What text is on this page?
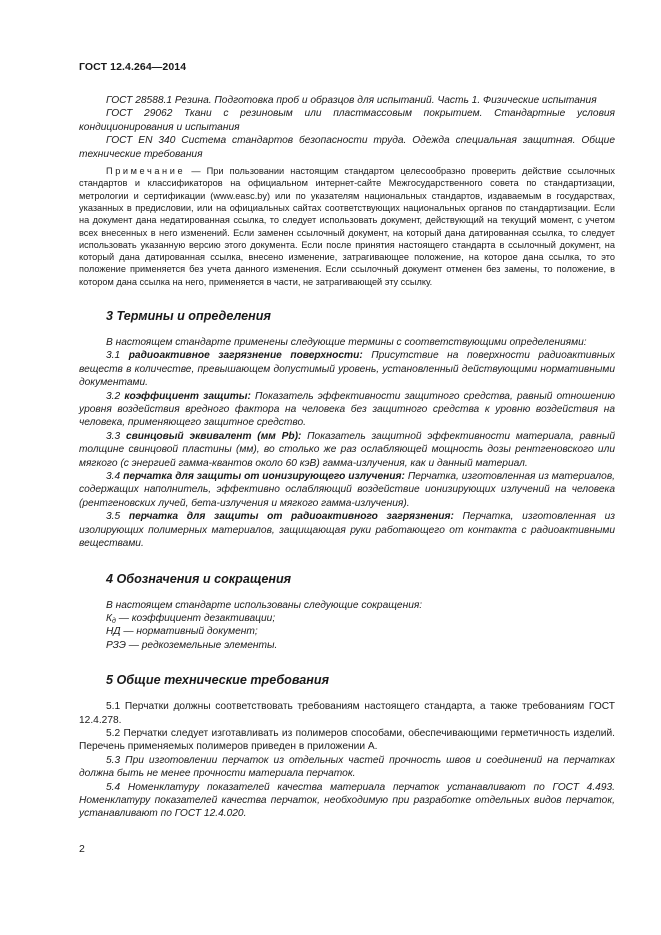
ГОСТ 12.4.264—2014

ГОСТ 28588.1 Резина. Подготовка проб и образцов для испытаний. Часть 1. Физические испытания

ГОСТ 29062 Ткани с резиновым или пластмассовым покрытием. Стандартные условия кондиционирования и испытания

ГОСТ EN 340 Система стандартов безопасности труда. Одежда специальная защитная. Общие технические требования

Примечание — При пользовании настоящим стандартом целесообразно проверить действие ссылочных стандартов и классификаторов на официальном интернет-сайте Межгосударственного совета по стандартизации, метрологии и сертификации (www.easc.by) или по указателям национальных стандартов, издаваемым в государствах, указанных в предисловии, или на официальных сайтах соответствующих национальных органов по стандартизации. Если на документ дана недатированная ссылка, то следует использовать документ, действующий на текущий момент, с учетом всех внесенных в него изменений. Если заменен ссылочный документ, на который дана датированная ссылка, то следует использовать указанную версию этого документа. Если после принятия настоящего стандарта в ссылочный документ, на который дана датированная ссылка, внесено изменение, затрагивающее положение, на которое дана ссылка, то это положение применяется без учета данного изменения. Если ссылочный документ отменен без замены, то положение, в котором дана ссылка на него, применяется в части, не затрагивающей эту ссылку.

3 Термины и определения

В настоящем стандарте применены следующие термины с соответствующими определениями:

3.1 радиоактивное загрязнение поверхности: Присутствие на поверхности радиоактивных веществ в количестве, превышающем допустимый уровень, установленный действующими нормативными документами.

3.2 коэффициент защиты: Показатель эффективности защитного средства, равный отношению уровня воздействия вредного фактора на человека без защитного средства к уровню воздействия на человека, применяющего защитное средство.

3.3 свинцовый эквивалент (мм Pb): Показатель защитной эффективности материала, равный толщине свинцовой пластины (мм), во столько же раз ослабляющей мощность дозы рентгеновского или мягкого (с энергией гамма-квантов около 60 кэВ) гамма-излучения, как и данный материал.

3.4 перчатка для защиты от ионизирующего излучения: Перчатка, изготовленная из материалов, содержащих наполнитель, эффективно ослабляющий воздействие ионизирующих излучений на человека (рентгеновских лучей, бета-излучения и мягкого гамма-излучения).

3.5 перчатка для защиты от радиоактивного загрязнения: Перчатка, изготовленная из изолирующих полимерных материалов, защищающая руки работающего от контакта с радиоактивными веществами.

4 Обозначения и сокращения

В настоящем стандарте использованы следующие сокращения:

$К_д$ — коэффициент дезактивации;

НД — нормативный документ;

РЗЭ — редкоземельные элементы.

5 Общие технические требования

5.1 Перчатки должны соответствовать требованиям настоящего стандарта, а также требованиям ГОСТ 12.4.278.

5.2 Перчатки следует изготавливать из полимеров способами, обеспечивающими герметичность изделий. Перечень применяемых полимеров приведен в приложении А.

5.3 При изготовлении перчаток из отдельных частей прочность швов и соединений на перчатках должна быть не менее прочности материала перчаток.

5.4 Номенклатуру показателей качества материала перчаток устанавливают по ГОСТ 4.493. Номенклатуру показателей качества перчаток, необходимую при разработке отдельных видов перчаток, устанавливают по ГОСТ 12.4.020.

2
